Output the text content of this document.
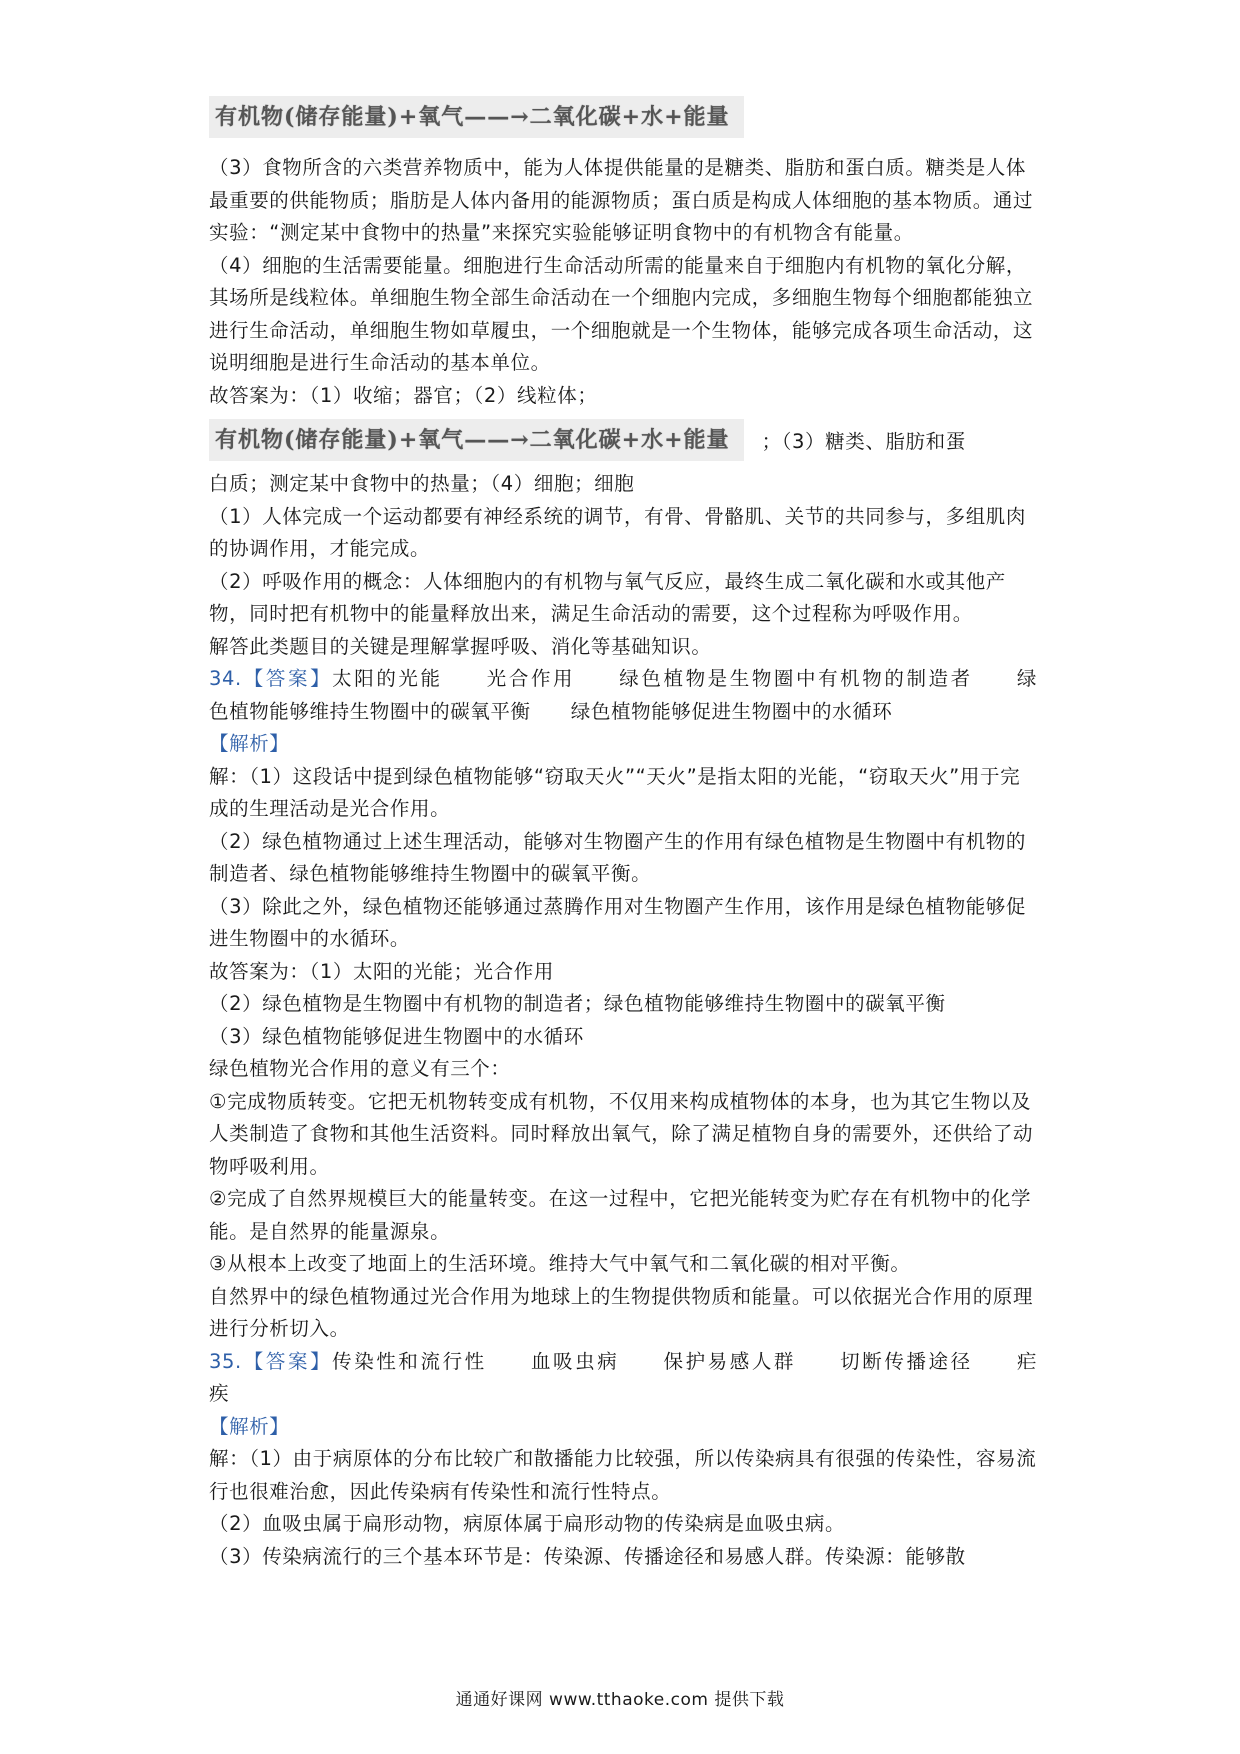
有机物(储存能量)+氧气——→二氧化碳+水+能量

（3）食物所含的六类营养物质中，能为人体提供能量的是糖类、脂肪和蛋白质。糖类是人体最重要的供能物质；脂肪是人体内备用的能源物质；蛋白质是构成人体细胞的基本物质。通过实验：“测定某中食物中的热量”来探究实验能够证明食物中的有机物含有能量。

（4）细胞的生活需要能量。细胞进行生命活动所需的能量来自于细胞内有机物的氧化分解，其场所是线粒体。单细胞生物全部生命活动在一个细胞内完成，多细胞生物每个细胞都能独立进行生命活动，单细胞生物如草履虫，一个细胞就是一个生物体，能够完成各项生命活动，这说明细胞是进行生命活动的基本单位。

故答案为：（1）收缩；器官；（2）线粒体；

有机物(储存能量)+氧气——→二氧化碳+水+能量	；（3）糖类、脂肪和蛋

白质；测定某中食物中的热量；（4）细胞；细胞

（1）人体完成一个运动都要有神经系统的调节，有骨、骨骼肌、关节的共同参与，多组肌肉的协调作用，才能完成。

（2）呼吸作用的概念：人体细胞内的有机物与氧气反应，最终生成二氧化碳和水或其他产物，同时把有机物中的能量释放出来，满足生命活动的需要，这个过程称为呼吸作用。

解答此类题目的关键是理解掌握呼吸、消化等基础知识。

34.【答案】太阳的光能　　光合作用　　绿色植物是生物圈中有机物的制造者　　绿

色植物能够维持生物圈中的碳氧平衡　　绿色植物能够促进生物圈中的水循环

【解析】

解：（1）这段话中提到绿色植物能够“窃取天火”“天火”是指太阳的光能，“窃取天火”用于完成的生理活动是光合作用。

（2）绿色植物通过上述生理活动，能够对生物圈产生的作用有绿色植物是生物圈中有机物的制造者、绿色植物能够维持生物圈中的碳氧平衡。

（3）除此之外，绿色植物还能够通过蒸腾作用对生物圈产生作用，该作用是绿色植物能够促进生物圈中的水循环。

故答案为：（1）太阳的光能；光合作用

（2）绿色植物是生物圈中有机物的制造者；绿色植物能够维持生物圈中的碳氧平衡

（3）绿色植物能够促进生物圈中的水循环

绿色植物光合作用的意义有三个：

①完成物质转变。它把无机物转变成有机物，不仅用来构成植物体的本身，也为其它生物以及人类制造了食物和其他生活资料。同时释放出氧气，除了满足植物自身的需要外，还供给了动物呼吸利用。

②完成了自然界规模巨大的能量转变。在这一过程中，它把光能转变为贮存在有机物中的化学能。是自然界的能量源泉。

③从根本上改变了地面上的生活环境。维持大气中氧气和二氧化碳的相对平衡。

自然界中的绿色植物通过光合作用为地球上的生物提供物质和能量。可以依据光合作用的原理进行分析切入。

35.【答案】传染性和流行性　　血吸虫病　　保护易感人群　　切断传播途径　　疟

疾

【解析】

解：（1）由于病原体的分布比较广和散播能力比较强，所以传染病具有很强的传染性，容易流行也很难治愈，因此传染病有传染性和流行性特点。

（2）血吸虫属于扁形动物，病原体属于扁形动物的传染病是血吸虫病。

（3）传染病流行的三个基本环节是：传染源、传播途径和易感人群。传染源：能够散

通通好课网 www.tthaoke.com 提供下载
